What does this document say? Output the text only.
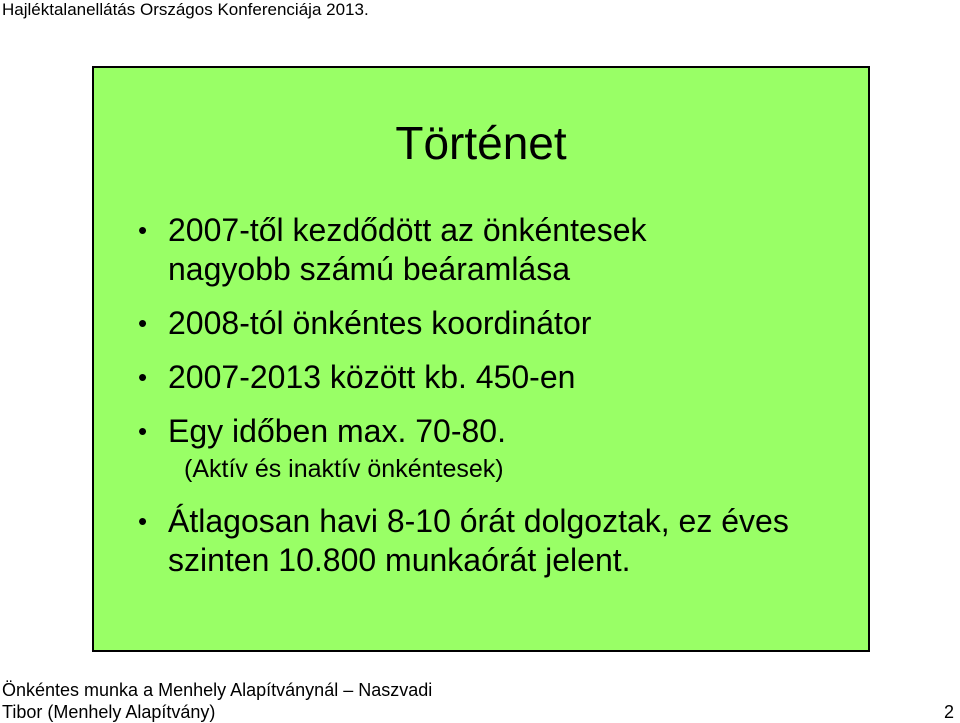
Hajléktalanellátás Országos Konferenciája 2013.
Történet
• 2007-től kezdődött az önkéntesek nagyobb számú beáramlása
• 2008-tól önkéntes koordinátor
• 2007-2013 között kb. 450-en
• Egy időben max. 70-80.
(Aktív és inaktív önkéntesek)
• Átlagosan havi 8-10 órát dolgoztak, ez éves szinten 10.800 munkaórát jelent.
Önkéntes munka a Menhely Alapítványnál – Naszvadi
Tibor (Menhely Alapítvány)	2
